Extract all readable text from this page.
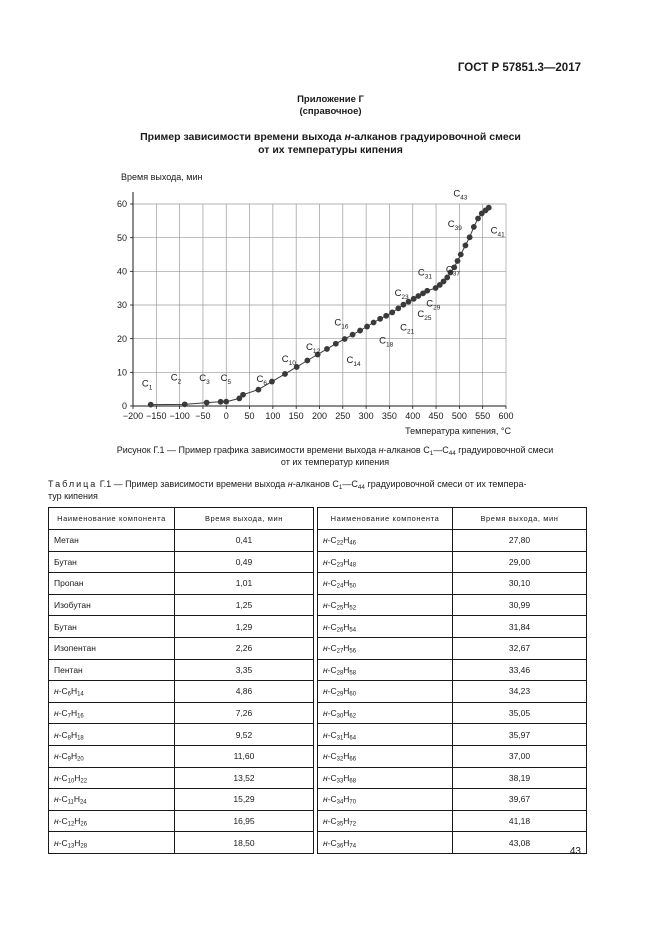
ГОСТ Р 57851.3—2017
Приложение Г
(справочное)
Пример зависимости времени выхода н-алканов градуировочной смеси
от их температуры кипения
−200 −150 −100 −50 0 50 100 150 200 250 300 350 400 450 500 550 600
0
10
20
30
40
50
60
Время выхода, мин
Температура кипения, °С
$C_1$
$C_2$ $C_3$ $C_5$	$C_6$
$C_{10}$
$C_{12}$
$C_{16}$
$C_{14}$
$C_{18}$
$C_{21}$
$C_{23}$
$C_{25}$
$C_{29}$
$C_{31}$
$C_{37}$
$C_{39}$	$C_{41}$
$C_{43}$
Рисунок Г.1 — Пример графика зависимости времени выхода н-алканов $C_1—C_{44}$ градуировочной смеси
от их температур кипения
Таблица Г.1 — Пример зависимости времени выхода н-алканов $C_1—C_{44}$ градуировочной смеси от их темпера-
тур кипения
Наименование компонента	Время выхода, мин		Наименование компонента	Время выхода, мин
Метан	0,41		$н-C_{22}H_{46}$	27,80
Бутан	0,49		$н-C_{23}H_{48}$	29,00
Пропан	1,01		$н-C_{24}H_{50}$	30,10
Изобутан	1,25		$н-C_{25}H_{52}$	30,99
Бутан	1,29		$н-C_{26}H_{54}$	31,84
Изопентан	2,26		$н-C_{27}H_{56}$	32,67
Пентан	3,35		$н-C_{28}H_{58}$	33,46
$н-C_6H_{14}$	4,86		$н-C_{29}H_{60}$	34,23
$н-C_7H_{16}$	7,26		$н-C_{30}H_{62}$	35,05
$н-C_8H_{18}$	9,52		$н-C_{31}H_{64}$	35,97
$н-C_9H_{20}$	11,60		$н-C_{32}H_{66}$	37,00
$н-C_{10}H_{22}$	13,52		$н-C_{33}H_{68}$	38,19
$н-C_{11}H_{24}$	15,29		$н-C_{34}H_{70}$	39,67
$н-C_{12}H_{26}$	16,95		$н-C_{35}H_{72}$	41,18
$н-C_{13}H_{28}$	18,50		$н-C_{36}H_{74}$	43,08
43
